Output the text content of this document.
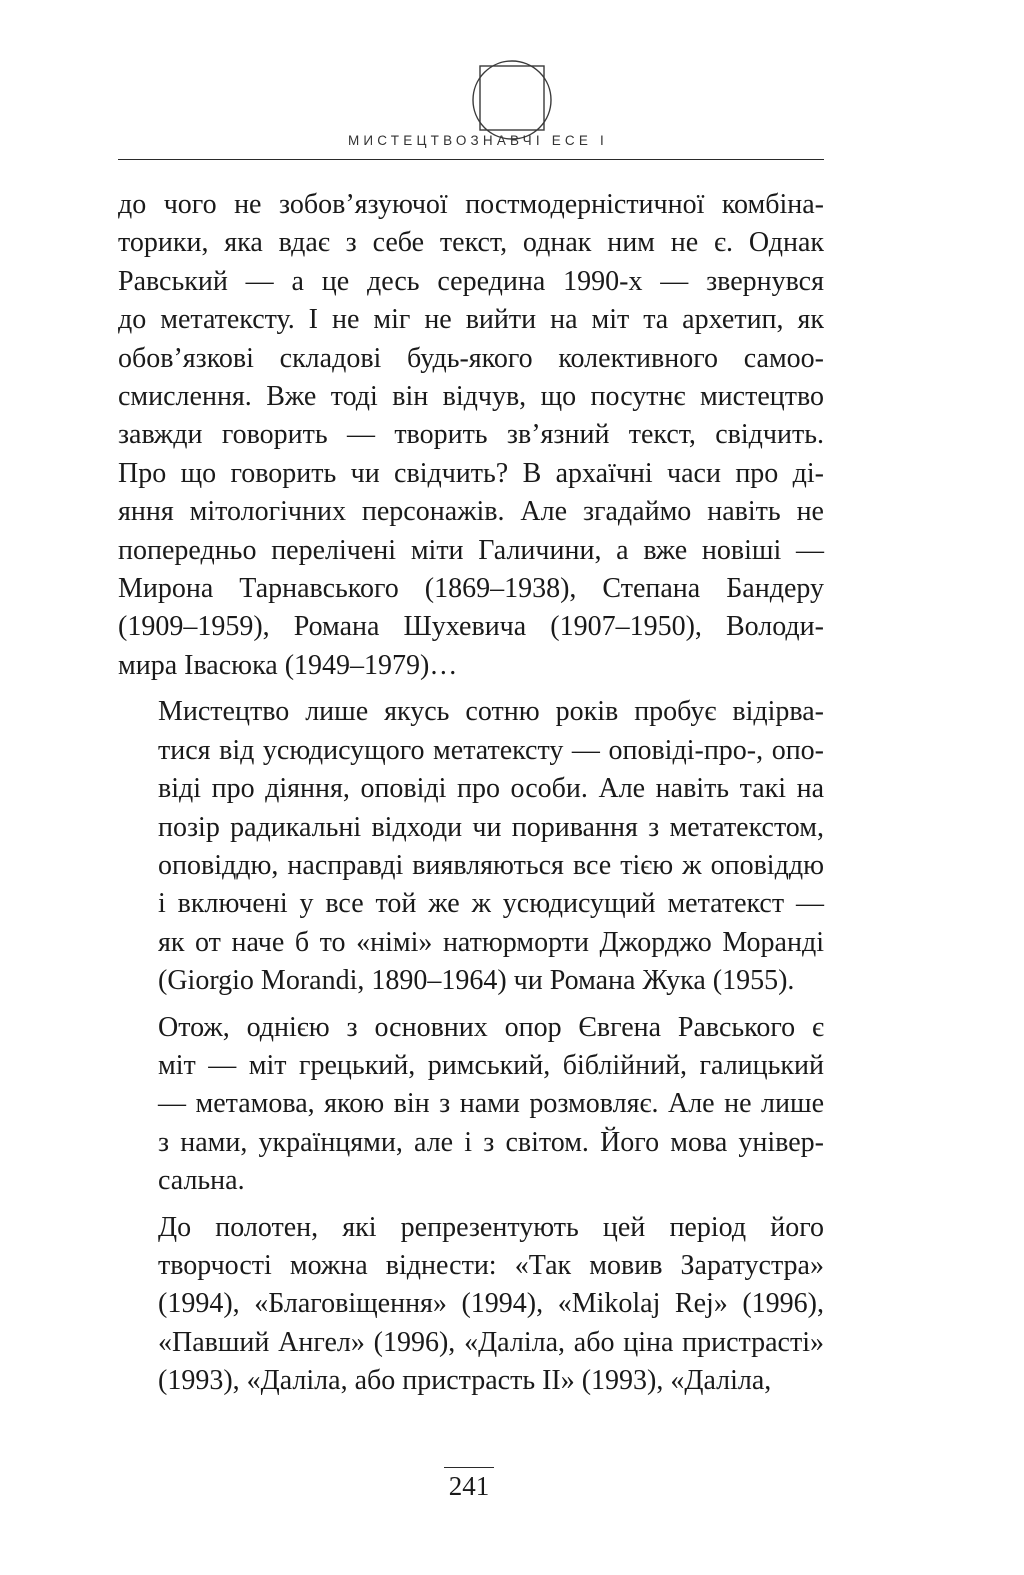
МИСТЕЦТВОЗНАВЧІ ЕСЕ І

до чого не зобов’язуючої постмодерністичної комбіна-
торики, яка вдає з себе текст, однак ним не є. Однак
Равський — а це десь середина 1990-х — звернувся
до метатексту. І не міг не вийти на міт та архетип, як
обов’язкові складові будь-якого колективного самоо-
смислення. Вже тоді він відчув, що посутнє мистецтво
завжди говорить — творить зв’язний текст, свідчить.
Про що говорить чи свідчить? В архаїчні часи про ді-
яння мітологічних персонажів. Але згадаймо навіть не
попередньо перелічені міти Галичини, а вже новіші —
Мирона Тарнавського (1869–1938), Степана Бандеру
(1909–1959), Романа Шухевича (1907–1950), Володи-
мира Івасюка (1949–1979)…

Мистецтво лише якусь сотню років пробує відірва-
тися від усюдисущого метатексту — оповіді-про-, опо-
віді про діяння, оповіді про особи. Але навіть такі на
позір радикальні відходи чи поривання з метатекстом,
оповіддю, насправді виявляються все тією ж оповіддю
і включені у все той же ж усюдисущий метатекст —
як от наче б то «німі» натюрморти Джорджо Моранді
(Giorgio Morandi, 1890–1964) чи Романа Жука (1955).

Отож, однією з основних опор Євгена Равського є
міт — міт грецький, римський, біблійний, галицький
— метамова, якою він з нами розмовляє. Але не лише
з нами, українцями, але і з світом. Його мова універ-
сальна.

До полотен, які репрезентують цей період його
творчості можна віднести: «Так мовив Заратустра»
(1994), «Благовіщення» (1994), «Mikolaj Rej» (1996),
«Павший Ангел» (1996), «Даліла, або ціна пристрасті»
(1993), «Даліла, або пристрасть ІІ» (1993), «Даліла,

241
